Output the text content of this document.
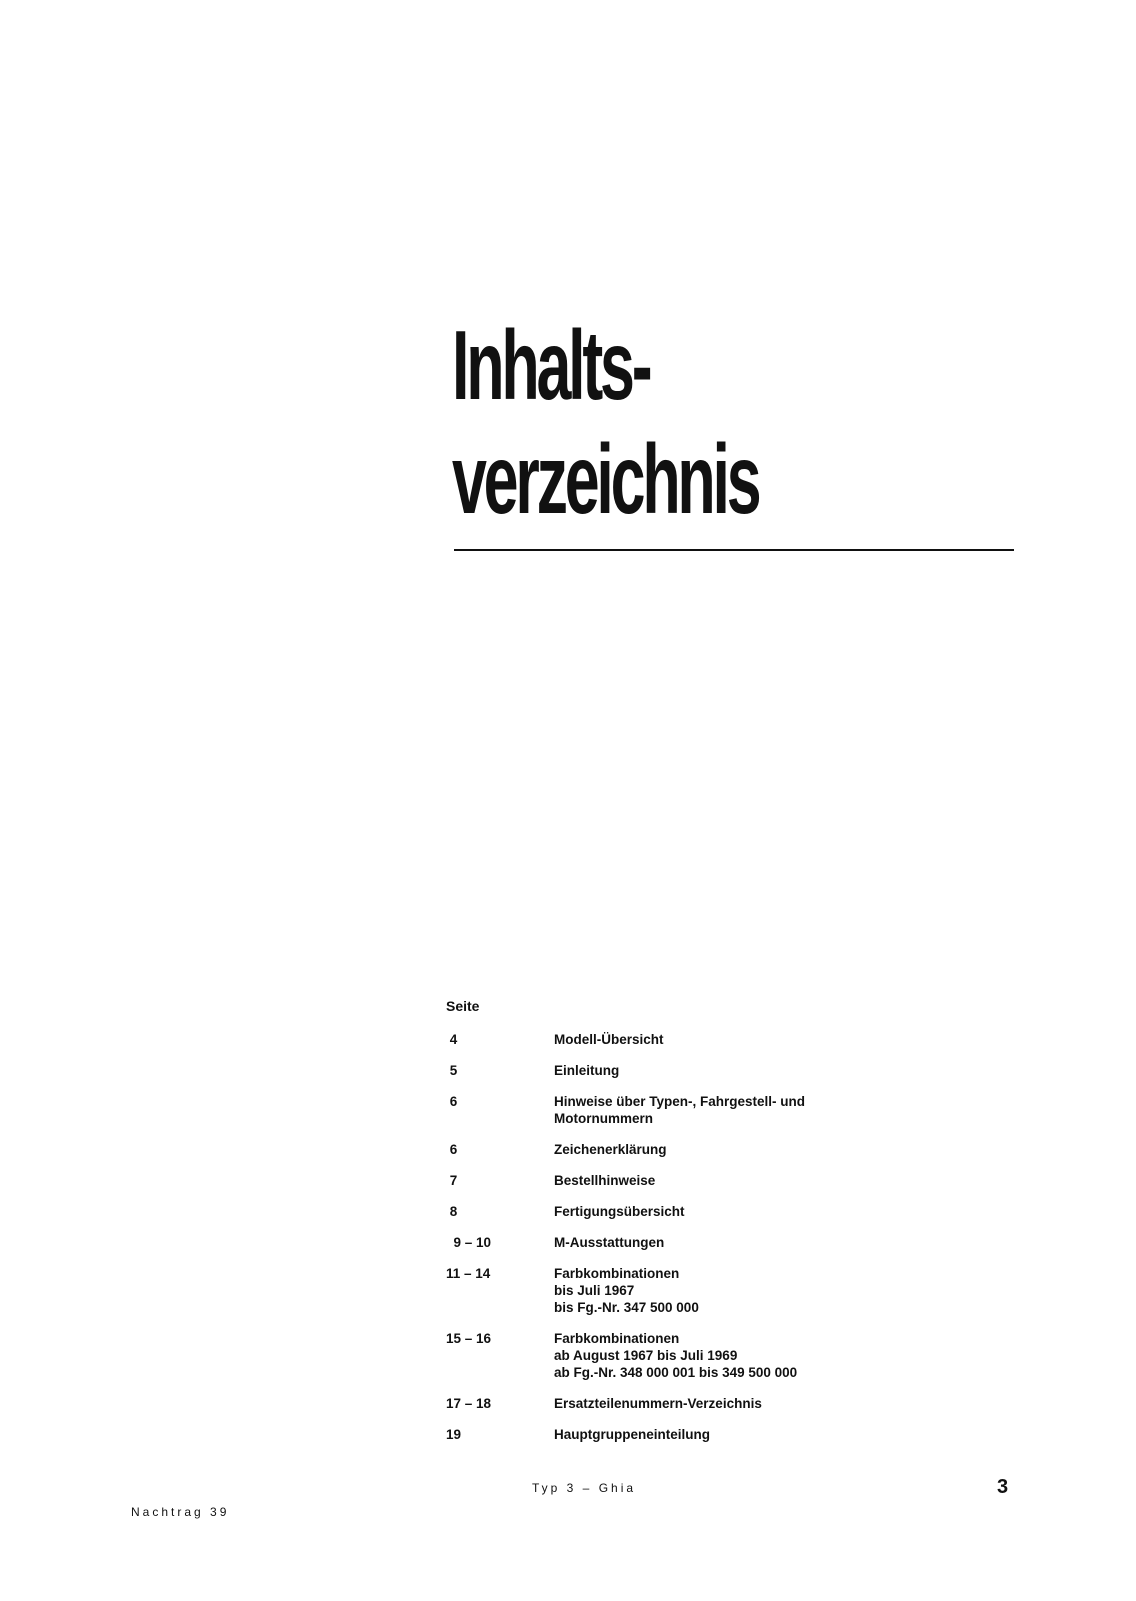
Inhalts-
verzeichnis
Seite
4	Modell-Übersicht
5	Einleitung
6	Hinweise über Typen-, Fahrgestell- und
Motornummern
6	Zeichenerklärung
7	Bestellhinweise
8	Fertigungsübersicht
9 – 10	M-Ausstattungen
11 – 14	Farbkombinationen
bis Juli 1967
bis Fg.-Nr. 347 500 000
15 – 16	Farbkombinationen
ab August 1967 bis Juli 1969
ab Fg.-Nr. 348 000 001 bis 349 500 000
17 – 18	Ersatzteilenummern-Verzeichnis
19	Hauptgruppeneinteilung
Typ 3 – Ghia	3
Nachtrag 39
